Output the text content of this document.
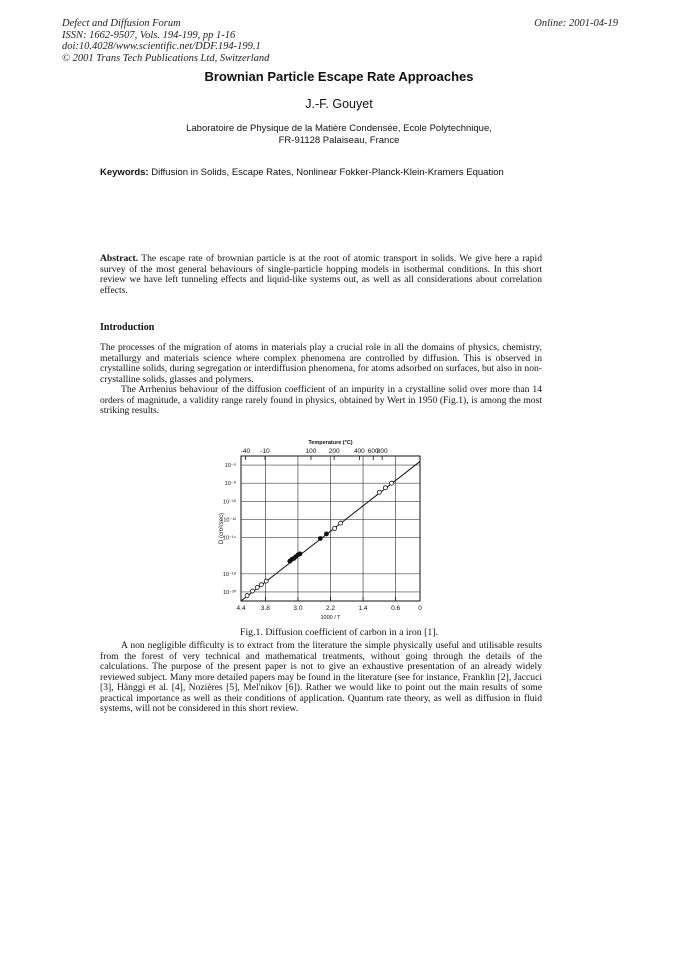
Defect and Diffusion Forum
ISSN: 1662-9507, Vols. 194-199, pp 1-16
doi:10.4028/www.scientific.net/DDF.194-199.1
© 2001 Trans Tech Publications Ltd, Switzerland
Online: 2001-04-19
Brownian Particle Escape Rate Approaches
J.-F. Gouyet
Laboratoire de Physique de la Matière Condensée, Ecole Polytechnique,
FR-91128 Palaiseau, France
Keywords: Diffusion in Solids, Escape Rates, Nonlinear Fokker-Planck-Klein-Kramers Equation
Abstract. The escape rate of brownian particle is at the root of atomic transport in solids. We give here a rapid survey of the most general behaviours of single-particle hopping models in isothermal conditions. In this short review we have left tunneling effects and liquid-like systems out, as well as all considerations about correlation effects.
Introduction
The processes of the migration of atoms in materials play a crucial role in all the domains of physics, chemistry, metallurgy and materials science where complex phenomena are controlled by diffusion. This is observed in crystalline solids, during segregation or interdiffusion phenomena, for atoms adsorbed on surfaces, but also in non-crystalline solids, glasses and polymers.
The Arrhenius behaviour of the diffusion coefficient of an impurity in a crystalline solid over more than 14 orders of magnitude, a validity range rarely found in physics, obtained by Wert in 1950 (Fig.1), is among the most striking results.
4.4 3.8	3.0	2.2	1.4	0.6	0
1000 / T
-40 -10	100 200 400 600
800
Temperature (°C)
10⁻⁶
10⁻⁸
10⁻¹⁰
10⁻¹²
10⁻¹⁴
10⁻¹⁸
10⁻²⁰
D (cm²/sec)
Fig.1. Diffusion coefficient of carbon in a iron [1].
A non negligible difficulty is to extract from the literature the simple physically useful and utilisable results from the forest of very technical and mathematical treatments, without going through the details of the calculations. The purpose of the present paper is not to give an exhaustive presentation of an already widely reviewed subject. Many more detailed papers may be found in the literature (see for instance, Franklin [2], Jaccuci [3], Hänggi et al. [4], Nozières [5], Mel'nikov [6]). Rather we would like to point out the main results of some practical importance as well as their conditions of application. Quantum rate theory, as well as diffusion in fluid systems, will not be considered in this short review.
